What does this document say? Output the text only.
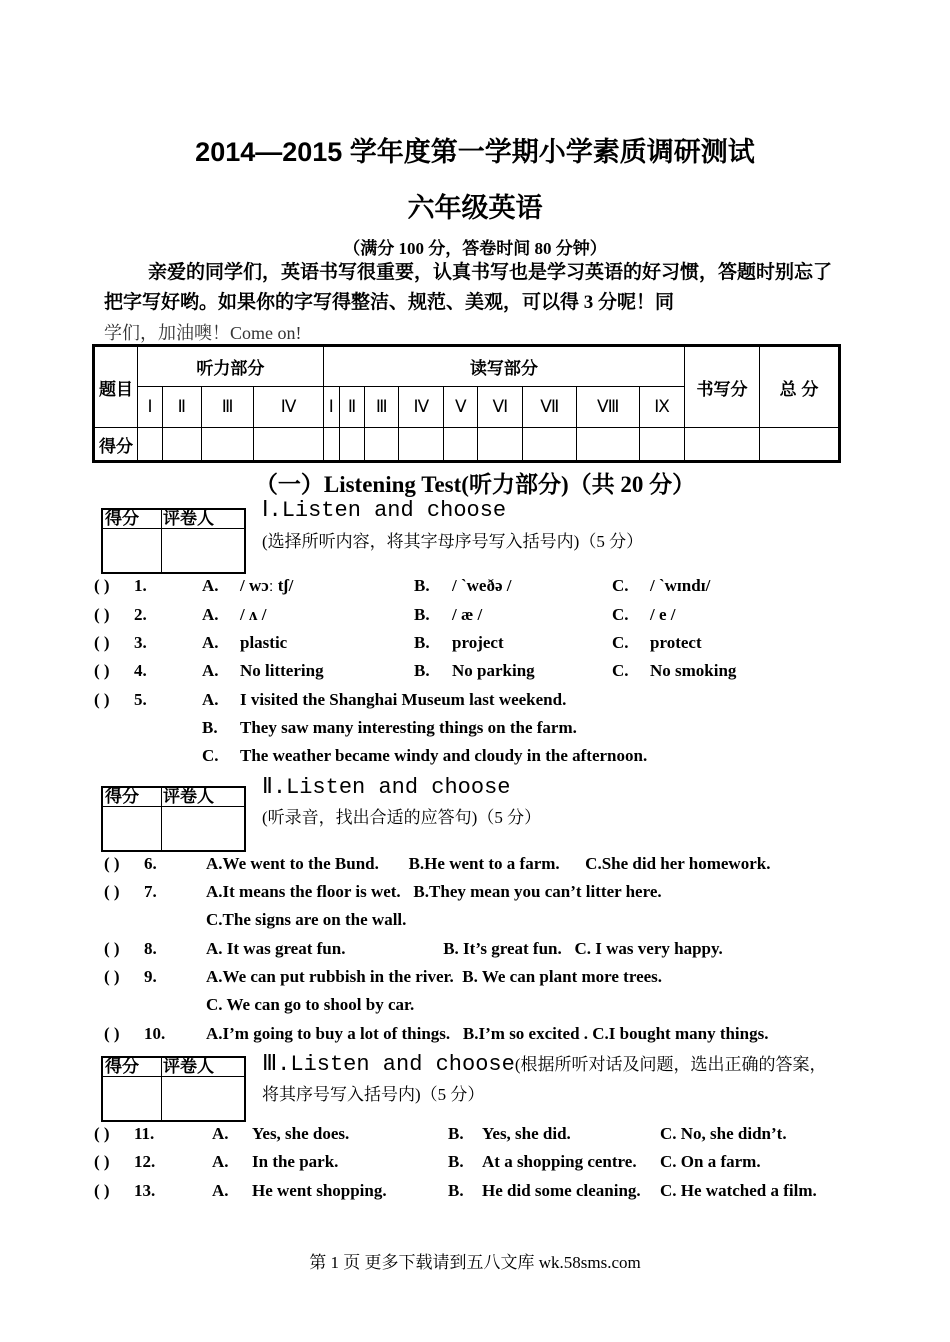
2014—2015 学年度第一学期小学素质调研测试
六年级英语
（满分 100 分，答卷时间 80 分钟）
亲爱的同学们，英语书写很重要，认真书写也是学习英语的好习惯，答题时别忘了把字写好哟。如果你的字写得整洁、规范、美观，可以得 3 分呢！同
学们，加油噢！Come on!
题目	听力部分				读写部分									书写分	总 分
	Ⅰ	Ⅱ	Ⅲ	Ⅳ	Ⅰ	Ⅱ	Ⅲ	Ⅳ	Ⅴ	Ⅵ	Ⅶ	Ⅷ	Ⅸ		
得分															
（一）Listening Test(听力部分)（共 20 分）
得分 评卷人 Ⅰ.Listen and choose
(选择所听内容，将其字母序号写入括号内)（5 分）
( ) 1.	A. / wɔː tʃ/	B. / `weðə /	C. / `wɪndɪ/
( ) 2.	A. / ʌ /	B. / æ /	C. / e /
( ) 3.	A. plastic	B. project	C. protect
( ) 4.	A. No littering	B. No parking	C. No smoking
( ) 5.	A. I visited the Shanghai Museum last weekend.
B. They saw many interesting things on the farm.
C. The weather became windy and cloudy in the afternoon.
得分 评卷人 Ⅱ.Listen and choose
(听录音，找出合适的应答句)（5 分）
( ) 6.	A.We went to the Bund.       B.He went to a farm.      C.She did her homework.
( ) 7.	A.It means the floor is wet.   B.They mean you can’t litter here.
C.The signs are on the wall.
( ) 8.	A. It was great fun.                       B. It’s great fun.   C. I was very happy.
( ) 9.	A.We can put rubbish in the river.  B. We can plant more trees.
C. We can go to shool by car.
( ) 10. A.I’m going to buy a lot of things.   B.I’m so excited . C.I bought many things.
得分 评卷人 Ⅲ.Listen and choose(根据所听对话及问题，选出正确的答案，
将其序号写入括号内)（5 分）
( ) 11.	A. Yes, she does.	B. Yes, she did.	C. No, she didn’t.
( ) 12.	A. In the park.	B. At a shopping centre. C. On a farm.
( ) 13.	A. He went shopping.	B. He did some cleaning. C. He watched a film.
第 1 页 更多下载请到五八文库 wk.58sms.com
